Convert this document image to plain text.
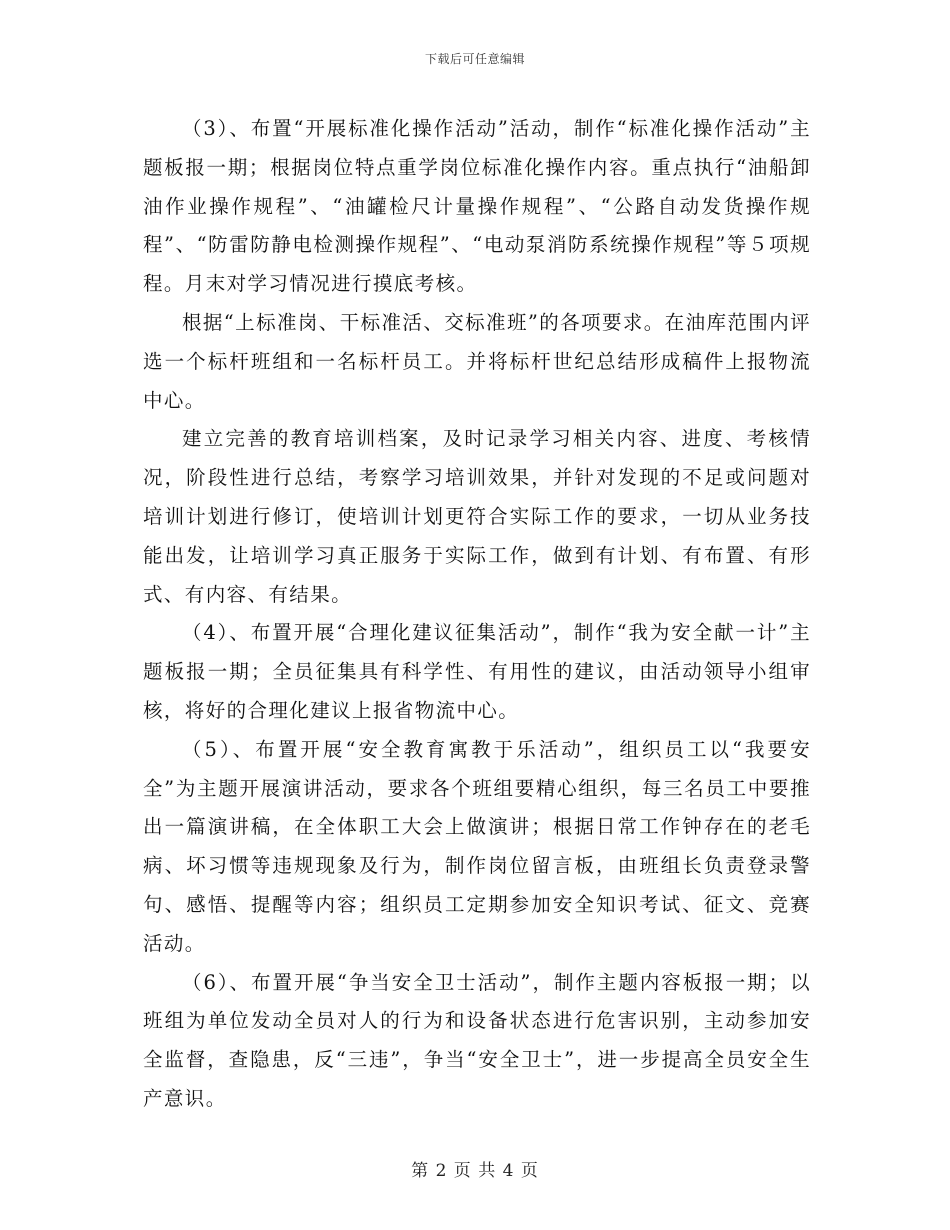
下载后可任意编辑

（3）、布置“开展标准化操作活动”活动，制作“标准化操作活动”主题板报一期；根据岗位特点重学岗位标准化操作内容。重点执行“油船卸油作业操作规程”、“油罐检尺计量操作规程”、“公路自动发货操作规程”、“防雷防静电检测操作规程”、“电动泵消防系统操作规程”等５项规程。月末对学习情况进行摸底考核。

根据“上标准岗、干标准活、交标准班”的各项要求。在油库范围内评选一个标杆班组和一名标杆员工。并将标杆世纪总结形成稿件上报物流中心。

建立完善的教育培训档案，及时记录学习相关内容、进度、考核情况，阶段性进行总结，考察学习培训效果，并针对发现的不足或问题对培训计划进行修订，使培训计划更符合实际工作的要求，一切从业务技能出发，让培训学习真正服务于实际工作，做到有计划、有布置、有形式、有内容、有结果。

（4）、布置开展“合理化建议征集活动”，制作“我为安全献一计”主题板报一期；全员征集具有科学性、有用性的建议，由活动领导小组审核，将好的合理化建议上报省物流中心。

（5）、布置开展“安全教育寓教于乐活动”，组织员工以“我要安全”为主题开展演讲活动，要求各个班组要精心组织，每三名员工中要推出一篇演讲稿，在全体职工大会上做演讲；根据日常工作钟存在的老毛病、坏习惯等违规现象及行为，制作岗位留言板，由班组长负责登录警句、感悟、提醒等内容；组织员工定期参加安全知识考试、征文、竞赛活动。

（6）、布置开展“争当安全卫士活动”，制作主题内容板报一期；以班组为单位发动全员对人的行为和设备状态进行危害识别，主动参加安全监督，查隐患，反“三违”，争当“安全卫士”，进一步提高全员安全生产意识。

第 2 页 共 4 页
